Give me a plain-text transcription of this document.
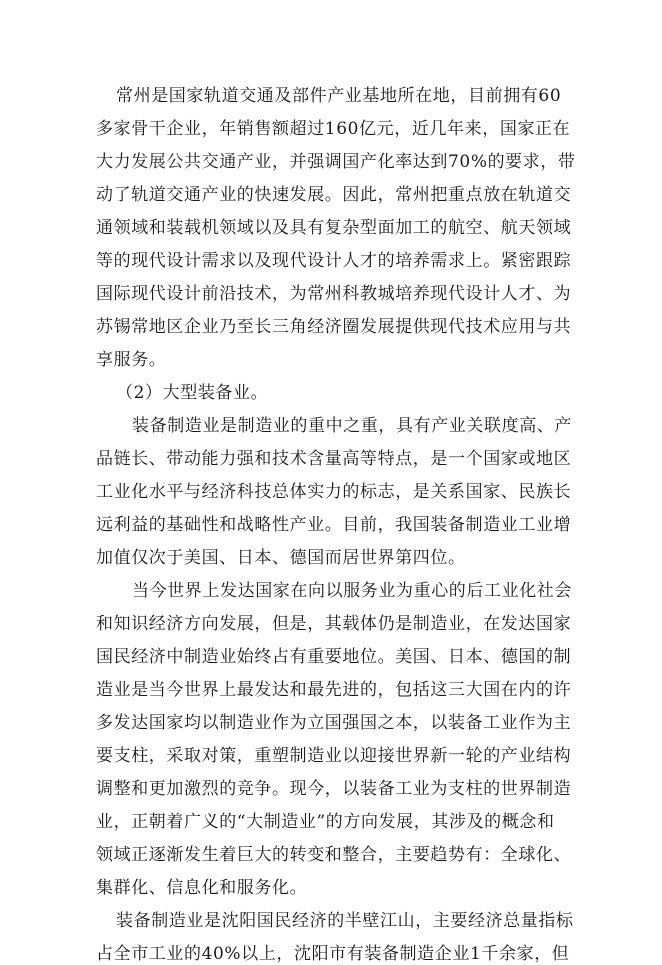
常州是国家轨道交通及部件产业基地所在地，目前拥有60
多家骨干企业，年销售额超过160亿元，近几年来，国家正在
大力发展公共交通产业，并强调国产化率达到70%的要求，带
动了轨道交通产业的快速发展。因此，常州把重点放在轨道交
通领域和装载机领域以及具有复杂型面加工的航空、航天领域
等的现代设计需求以及现代设计人才的培养需求上。紧密跟踪
国际现代设计前沿技术，为常州科教城培养现代设计人才、为
苏锡常地区企业乃至长三角经济圈发展提供现代技术应用与共
享服务。
（2）大型装备业。
装备制造业是制造业的重中之重，具有产业关联度高、产
品链长、带动能力强和技术含量高等特点，是一个国家或地区
工业化水平与经济科技总体实力的标志，是关系国家、民族长
远利益的基础性和战略性产业。目前，我国装备制造业工业增
加值仅次于美国、日本、德国而居世界第四位。
当今世界上发达国家在向以服务业为重心的后工业化社会
和知识经济方向发展，但是，其载体仍是制造业，在发达国家
国民经济中制造业始终占有重要地位。美国、日本、德国的制
造业是当今世界上最发达和最先进的，包括这三大国在内的许
多发达国家均以制造业作为立国强国之本，以装备工业作为主
要支柱，采取对策，重塑制造业以迎接世界新一轮的产业结构
调整和更加激烈的竞争。现今，以装备工业为支柱的世界制造
业，正朝着广义的“大制造业”的方向发展，其涉及的概念和
领域正逐渐发生着巨大的转变和整合，主要趋势有：全球化、
集群化、信息化和服务化。
装备制造业是沈阳国民经济的半壁江山，主要经济总量指标
占全市工业的40%以上，沈阳市有装备制造企业1千余家，但
